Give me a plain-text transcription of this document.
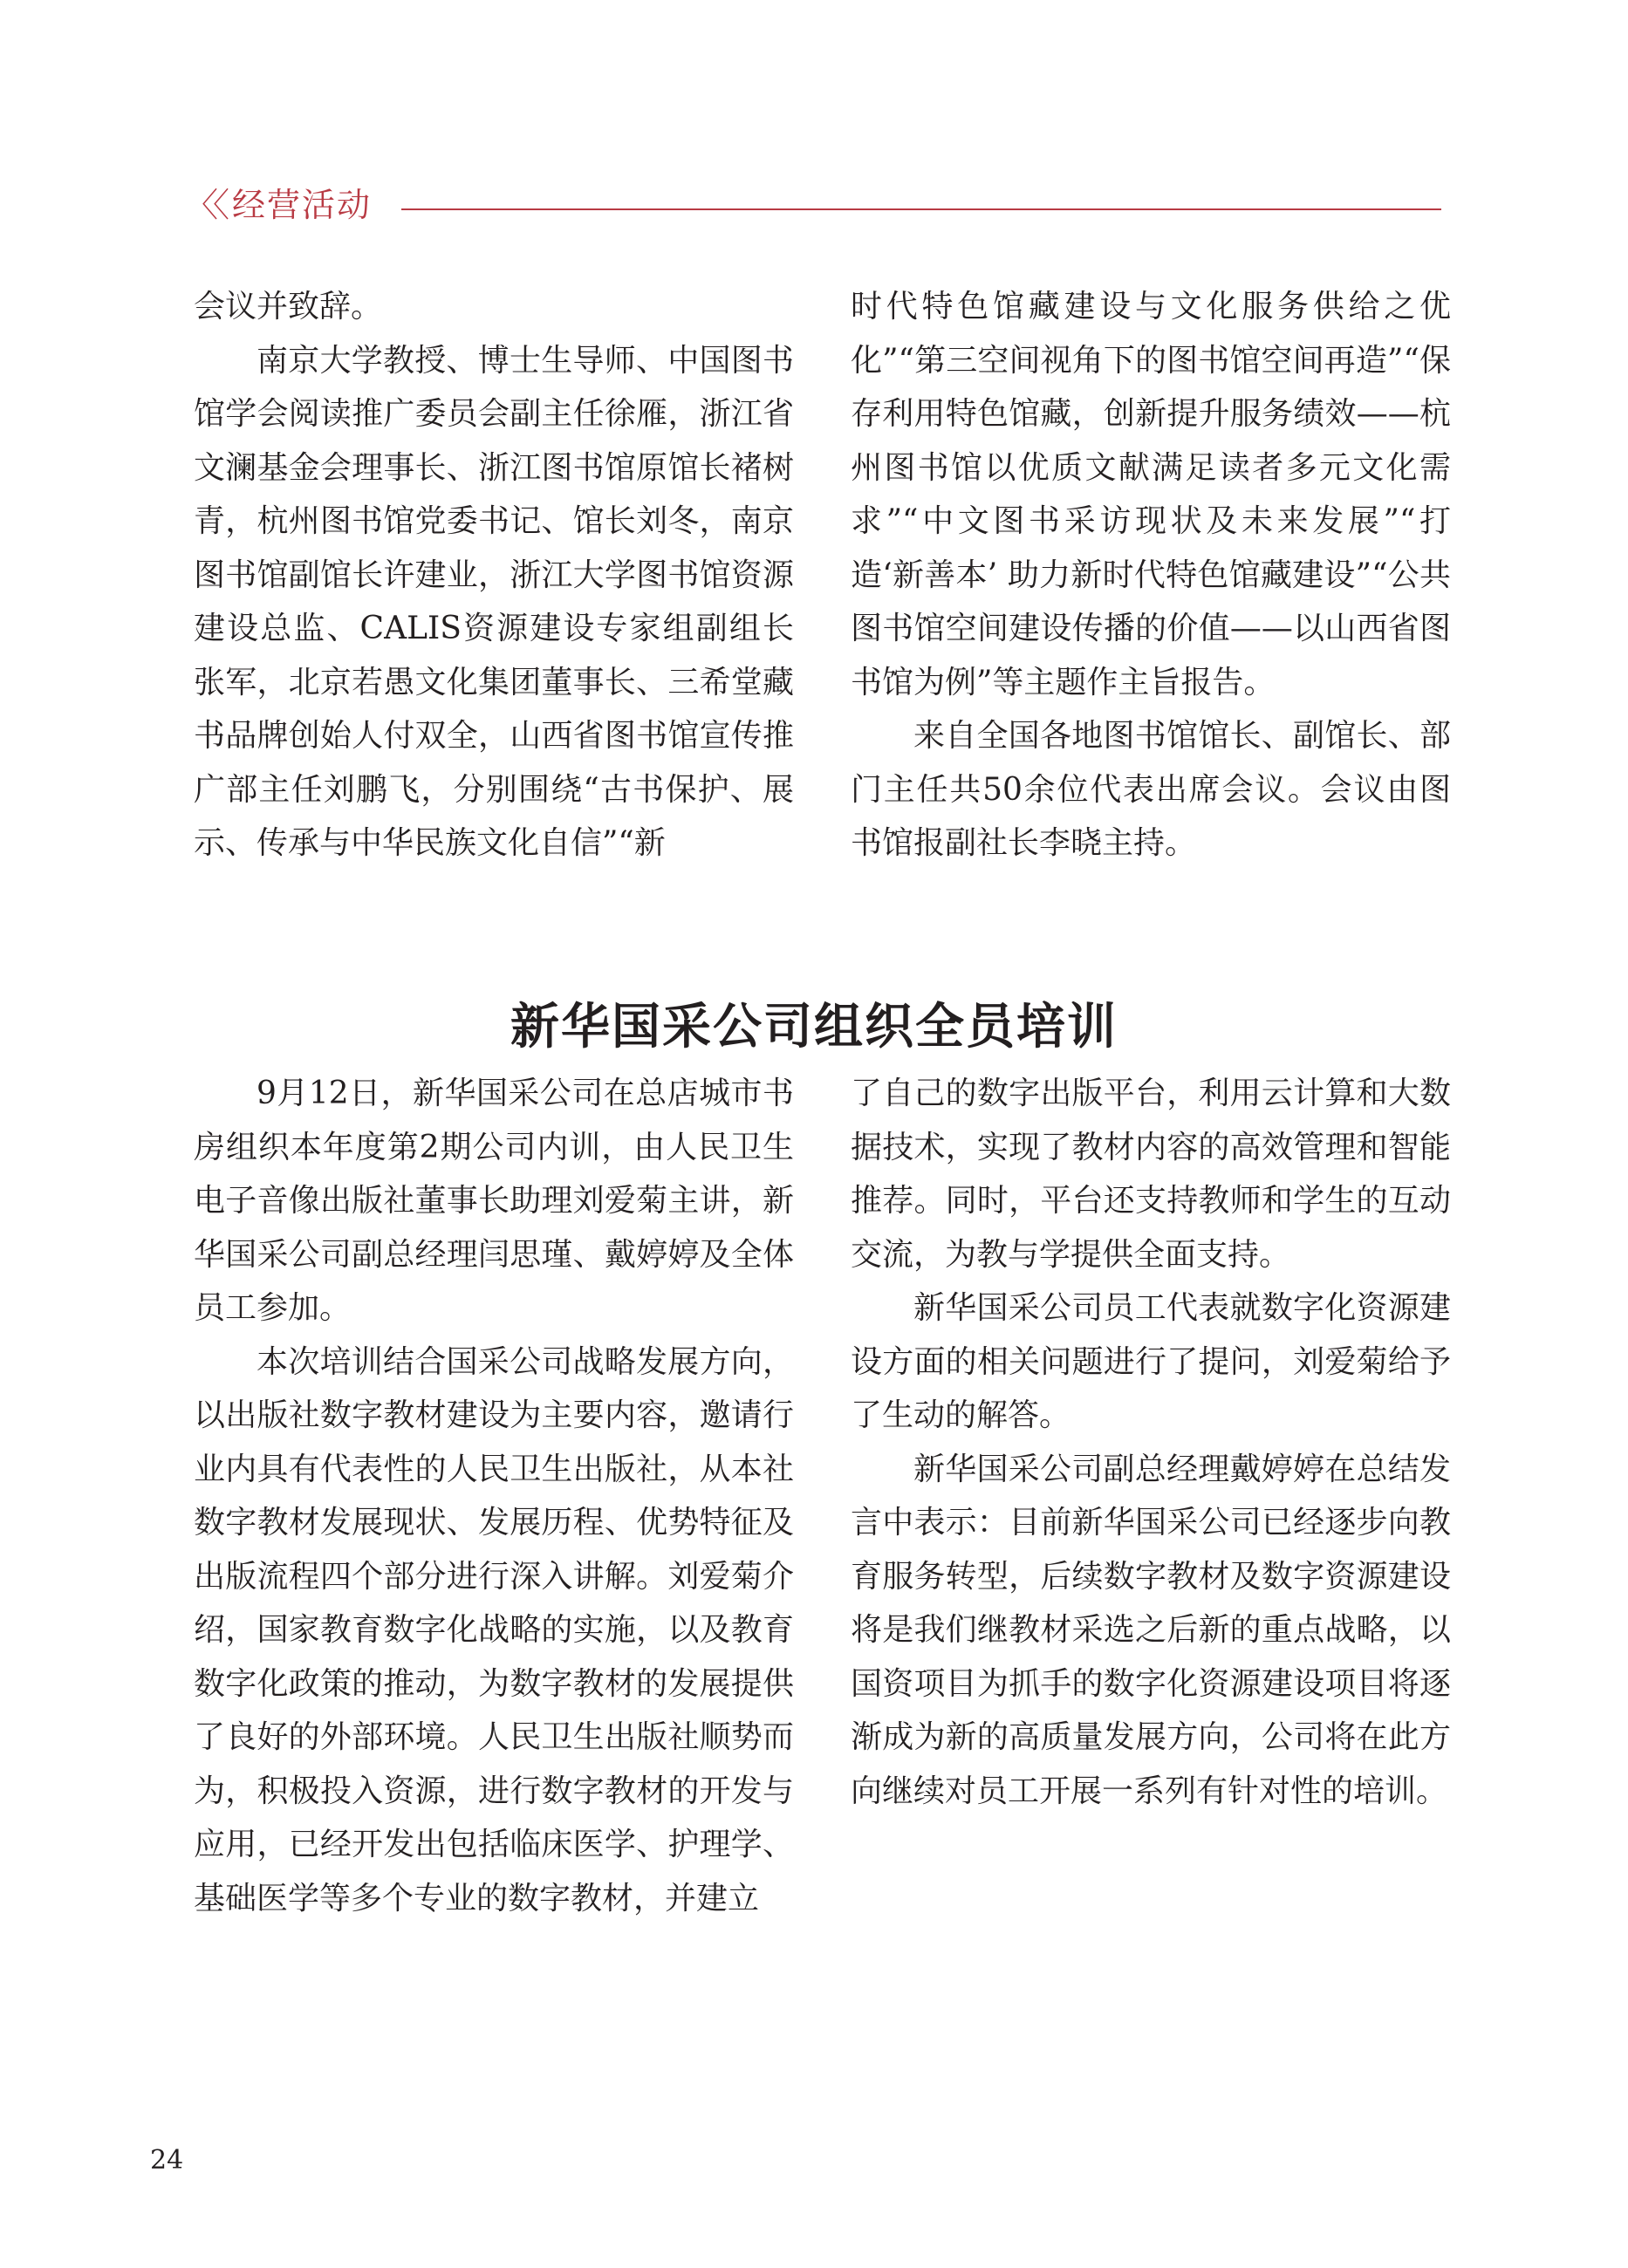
〈〈 经营活动

会议并致辞。

南京大学教授、博士生导师、中国图书馆学会阅读推广委员会副主任徐雁，浙江省文澜基金会理事长、浙江图书馆原馆长褚树青，杭州图书馆党委书记、馆长刘冬，南京图书馆副馆长许建业，浙江大学图书馆资源建设总监、CALIS资源建设专家组副组长张军，北京若愚文化集团董事长、三希堂藏书品牌创始人付双全，山西省图书馆宣传推广部主任刘鹏飞，分别围绕“古书保护、展示、传承与中华民族文化自信”“新

时代特色馆藏建设与文化服务供给之优化”“第三空间视角下的图书馆空间再造”“保存利用特色馆藏，创新提升服务绩效——杭州图书馆以优质文献满足读者多元文化需求”“中文图书采访现状及未来发展”“打造‘新善本’ 助力新时代特色馆藏建设”“公共图书馆空间建设传播的价值——以山西省图书馆为例”等主题作主旨报告。

来自全国各地图书馆馆长、副馆长、部门主任共50余位代表出席会议。会议由图书馆报副社长李晓主持。

新华国采公司组织全员培训

9月12日，新华国采公司在总店城市书房组织本年度第2期公司内训，由人民卫生电子音像出版社董事长助理刘爱菊主讲，新华国采公司副总经理闫思瑾、戴婷婷及全体员工参加。

本次培训结合国采公司战略发展方向，以出版社数字教材建设为主要内容，邀请行业内具有代表性的人民卫生出版社，从本社数字教材发展现状、发展历程、优势特征及出版流程四个部分进行深入讲解。刘爱菊介绍，国家教育数字化战略的实施，以及教育数字化政策的推动，为数字教材的发展提供了良好的外部环境。人民卫生出版社顺势而为，积极投入资源，进行数字教材的开发与应用，已经开发出包括临床医学、护理学、基础医学等多个专业的数字教材，并建立

了自己的数字出版平台，利用云计算和大数据技术，实现了教材内容的高效管理和智能推荐。同时，平台还支持教师和学生的互动交流，为教与学提供全面支持。

新华国采公司员工代表就数字化资源建设方面的相关问题进行了提问，刘爱菊给予了生动的解答。

新华国采公司副总经理戴婷婷在总结发言中表示：目前新华国采公司已经逐步向教育服务转型，后续数字教材及数字资源建设将是我们继教材采选之后新的重点战略，以国资项目为抓手的数字化资源建设项目将逐渐成为新的高质量发展方向，公司将在此方向继续对员工开展一系列有针对性的培训。

24
